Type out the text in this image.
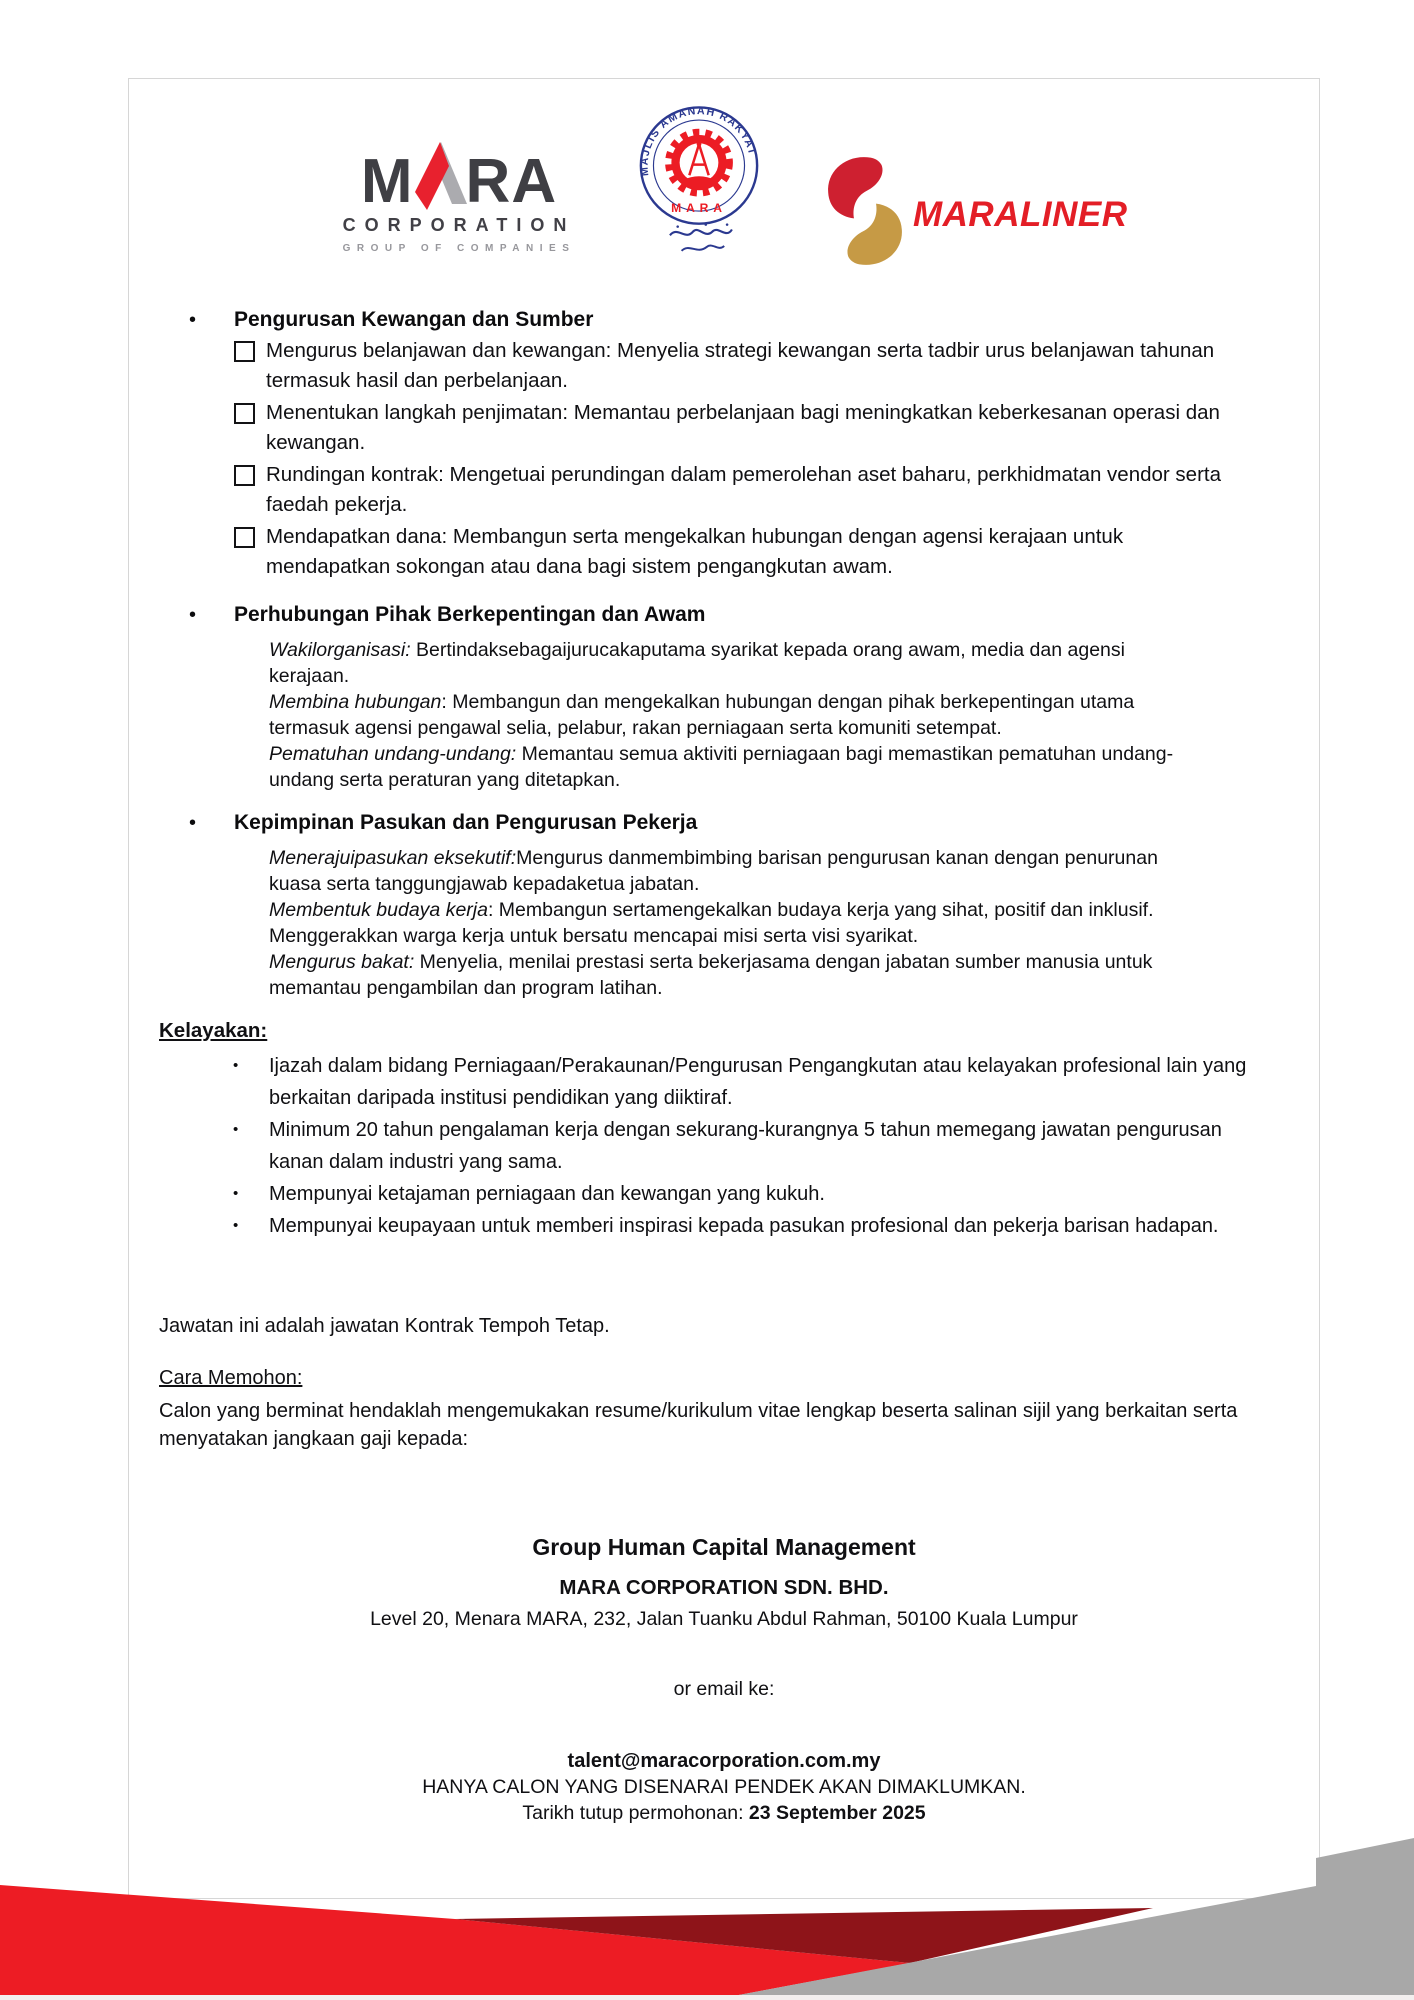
M RA
CORPORATION
GROUP OF COMPANIES
MAJLIS AMANAH RAKYAT
MARA	MARALINER
•	Pengurusan Kewangan dan Sumber
Mengurus belanjawan dan kewangan: Menyelia strategi kewangan serta tadbir urus belanjawan tahunan termasuk hasil dan perbelanjaan.
Menentukan langkah penjimatan: Memantau perbelanjaan bagi meningkatkan keberkesanan operasi dan kewangan.
Rundingan kontrak: Mengetuai perundingan dalam pemerolehan aset baharu, perkhidmatan vendor serta faedah pekerja.
Mendapatkan dana: Membangun serta mengekalkan hubungan dengan agensi kerajaan untuk mendapatkan sokongan atau dana bagi sistem pengangkutan awam.
•	Perhubungan Pihak Berkepentingan dan Awam

Wakilorganisasi: Bertindaksebagaijurucakaputama syarikat kepada orang awam, media dan agensi kerajaan.

Membina hubungan: Membangun dan mengekalkan hubungan dengan pihak berkepentingan utama termasuk agensi pengawal selia, pelabur, rakan perniagaan serta komuniti setempat.

Pematuhan undang-undang: Memantau semua aktiviti perniagaan bagi memastikan pematuhan undang-undang serta peraturan yang ditetapkan.

•	Kepimpinan Pasukan dan Pengurusan Pekerja

Menerajuipasukan eksekutif:Mengurus danmembimbing barisan pengurusan kanan dengan penurunan kuasa serta tanggungjawab kepadaketua jabatan.

Membentuk budaya kerja: Membangun sertamengekalkan budaya kerja yang sihat, positif dan inklusif. Menggerakkan warga kerja untuk bersatu mencapai misi serta visi syarikat.

Mengurus bakat: Menyelia, menilai prestasi serta bekerjasama dengan jabatan sumber manusia untuk memantau pengambilan dan program latihan.

Kelayakan:
•	Ijazah dalam bidang Perniagaan/Perakaunan/Pengurusan Pengangkutan atau kelayakan profesional lain yang berkaitan daripada institusi pendidikan yang diiktiraf.
•	Minimum 20 tahun pengalaman kerja dengan sekurang-kurangnya 5 tahun memegang jawatan pengurusan kanan dalam industri yang sama.
•	Mempunyai ketajaman perniagaan dan kewangan yang kukuh.
•	Mempunyai keupayaan untuk memberi inspirasi kepada pasukan profesional dan pekerja barisan hadapan.
Jawatan ini adalah jawatan Kontrak Tempoh Tetap.
Cara Memohon:
Calon yang berminat hendaklah mengemukakan resume/kurikulum vitae lengkap beserta salinan sijil yang berkaitan serta menyatakan jangkaan gaji kepada:
Group Human Capital Management
MARA CORPORATION SDN. BHD.
Level 20, Menara MARA, 232, Jalan Tuanku Abdul Rahman, 50100 Kuala Lumpur
or email ke:
talent@maracorporation.com.my
HANYA CALON YANG DISENARAI PENDEK AKAN DIMAKLUMKAN.
Tarikh tutup permohonan: 23 September 2025
